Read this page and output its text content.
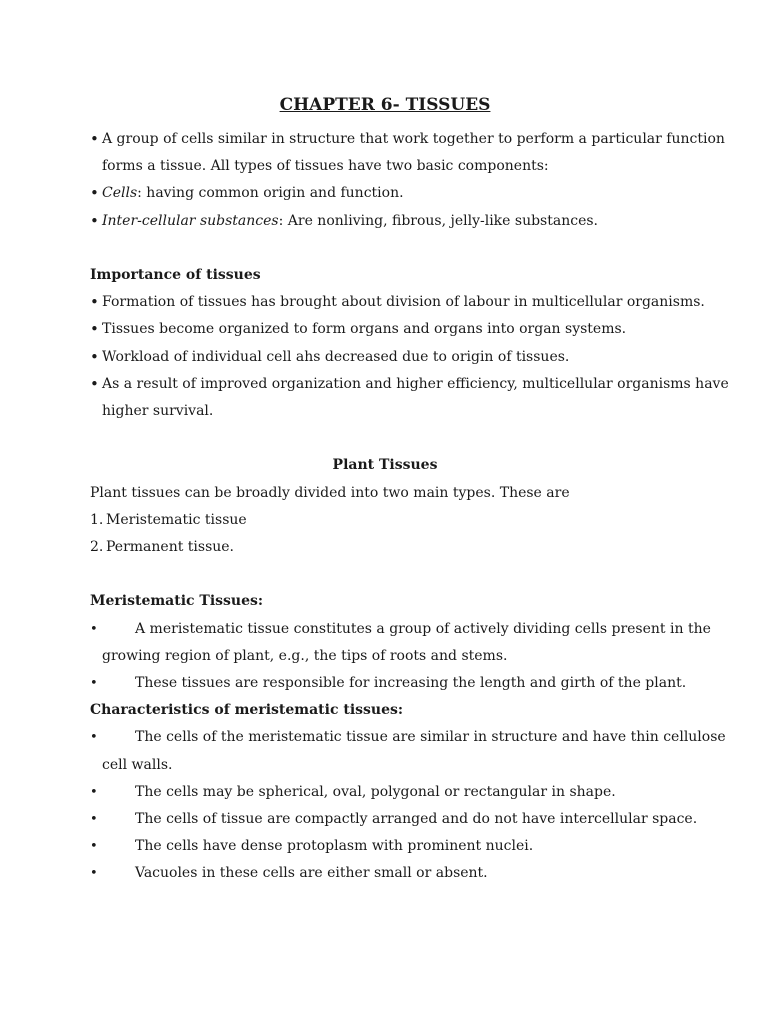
CHAPTER 6- TISSUES

• A group of cells similar in structure that work together to perform a particular function

forms a tissue. All types of tissues have two basic components:

• Cells: having common origin and function.

• Inter-cellular substances: Are nonliving, fibrous, jelly-like substances.

Importance of tissues

• Formation of tissues has brought about division of labour in multicellular organisms.

• Tissues become organized to form organs and organs into organ systems.

• Workload of individual cell ahs decreased due to origin of tissues.

• As a result of improved organization and higher efficiency, multicellular organisms have

higher survival.

Plant Tissues

Plant tissues can be broadly divided into two main types. These are

1. Meristematic tissue

2. Permanent tissue.

Meristematic Tissues:

• A meristematic tissue constitutes a group of actively dividing cells present in the

growing region of plant, e.g., the tips of roots and stems.

• These tissues are responsible for increasing the length and girth of the plant.

Characteristics of meristematic tissues:

• The cells of the meristematic tissue are similar in structure and have thin cellulose

cell walls.

• The cells may be spherical, oval, polygonal or rectangular in shape.

• The cells of tissue are compactly arranged and do not have intercellular space.

• The cells have dense protoplasm with prominent nuclei.

• Vacuoles in these cells are either small or absent.
